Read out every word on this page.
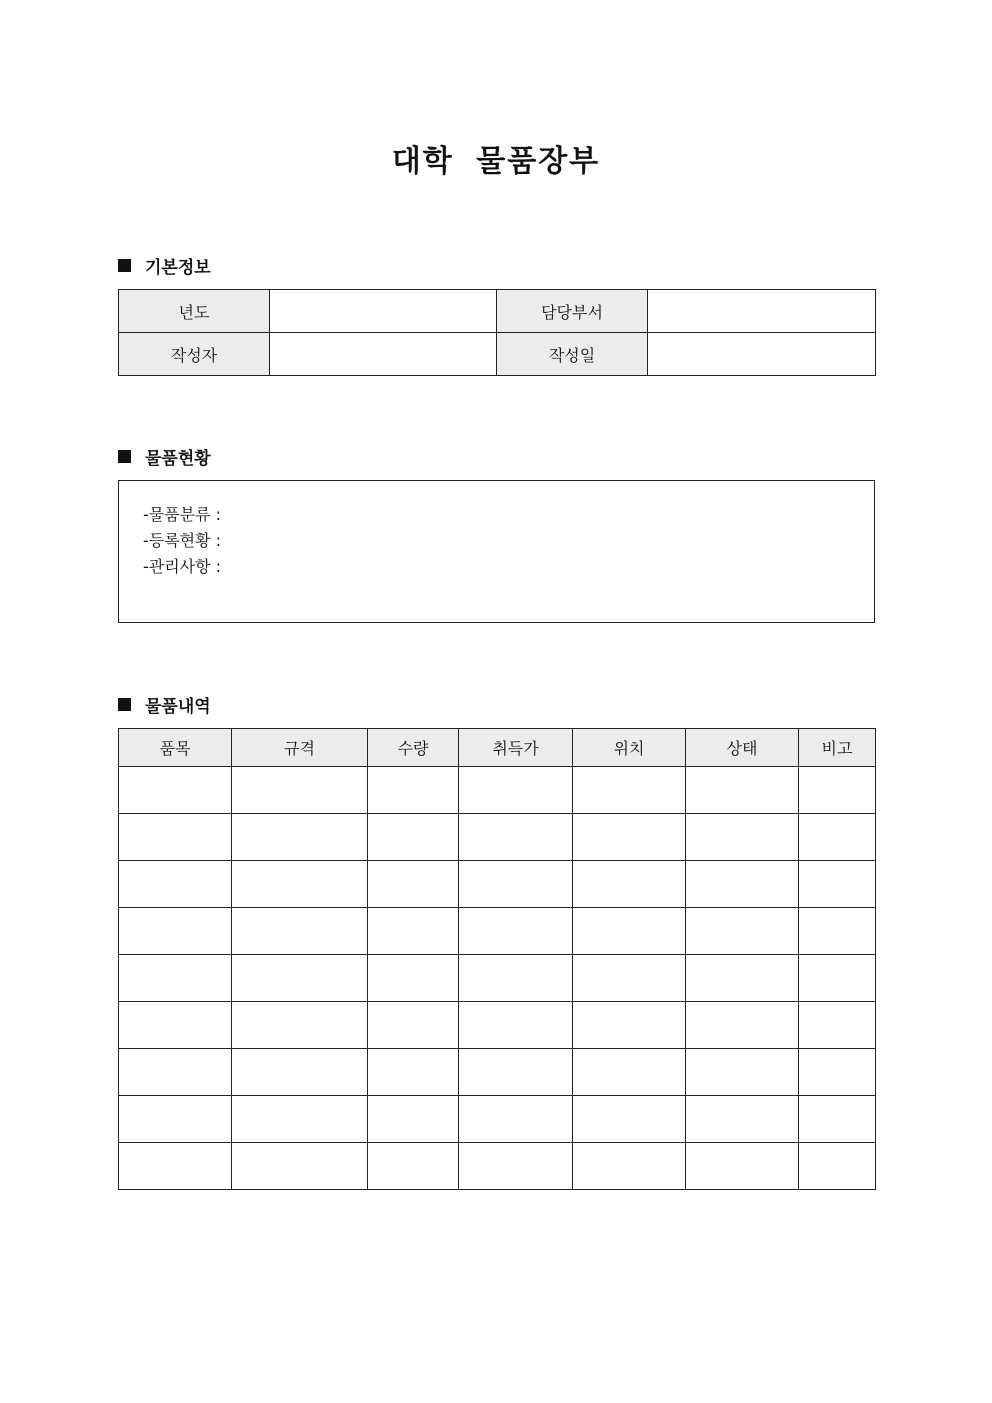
대학 물품장부
기본정보
년도		담당부서	
작성자		작성일	
물품현황
-물품분류 :
-등록현황 :
-관리사항 :
물품내역
품목	규격	수량	취득가	위치	상태	비고
